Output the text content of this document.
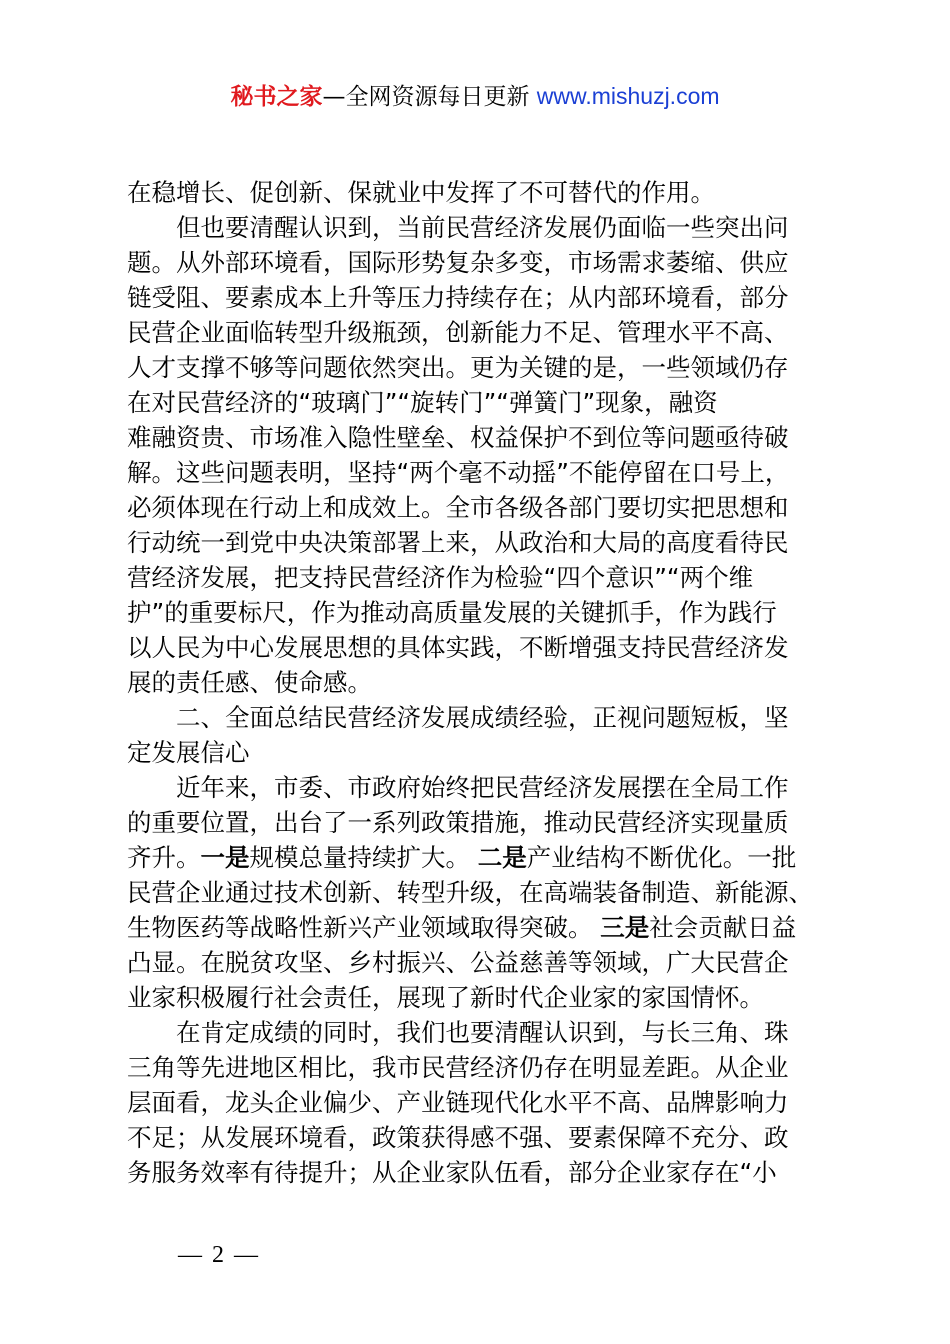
秘书之家—全网资源每日更新 www.mishuzj.com
在稳增长、促创新、保就业中发挥了不可替代的作用。
但也要清醒认识到，当前民营经济发展仍面临一些突出问
题。从外部环境看，国际形势复杂多变，市场需求萎缩、供应
链受阻、要素成本上升等压力持续存在；从内部环境看，部分
民营企业面临转型升级瓶颈，创新能力不足、管理水平不高、
人才支撑不够等问题依然突出。更为关键的是，一些领域仍存
在对民营经济的“玻璃门”“旋转门”“弹簧门”现象，融资
难融资贵、市场准入隐性壁垒、权益保护不到位等问题亟待破
解。这些问题表明，坚持“两个毫不动摇”不能停留在口号上，
必须体现在行动上和成效上。全市各级各部门要切实把思想和
行动统一到党中央决策部署上来，从政治和大局的高度看待民
营经济发展，把支持民营经济作为检验“四个意识”“两个维
护”的重要标尺，作为推动高质量发展的关键抓手，作为践行
以人民为中心发展思想的具体实践，不断增强支持民营经济发
展的责任感、使命感。
二、全面总结民营经济发展成绩经验，正视问题短板，坚
定发展信心
近年来，市委、市政府始终把民营经济发展摆在全局工作
的重要位置，出台了一系列政策措施，推动民营经济实现量质
齐升。一是规模总量持续扩大。 二是产业结构不断优化。一批
民营企业通过技术创新、转型升级，在高端装备制造、新能源、
生物医药等战略性新兴产业领域取得突破。 三是社会贡献日益
凸显。在脱贫攻坚、乡村振兴、公益慈善等领域，广大民营企
业家积极履行社会责任，展现了新时代企业家的家国情怀。
在肯定成绩的同时，我们也要清醒认识到，与长三角、珠
三角等先进地区相比，我市民营经济仍存在明显差距。从企业
层面看，龙头企业偏少、产业链现代化水平不高、品牌影响力
不足；从发展环境看，政策获得感不强、要素保障不充分、政
务服务效率有待提升；从企业家队伍看，部分企业家存在“小
— 2 —
